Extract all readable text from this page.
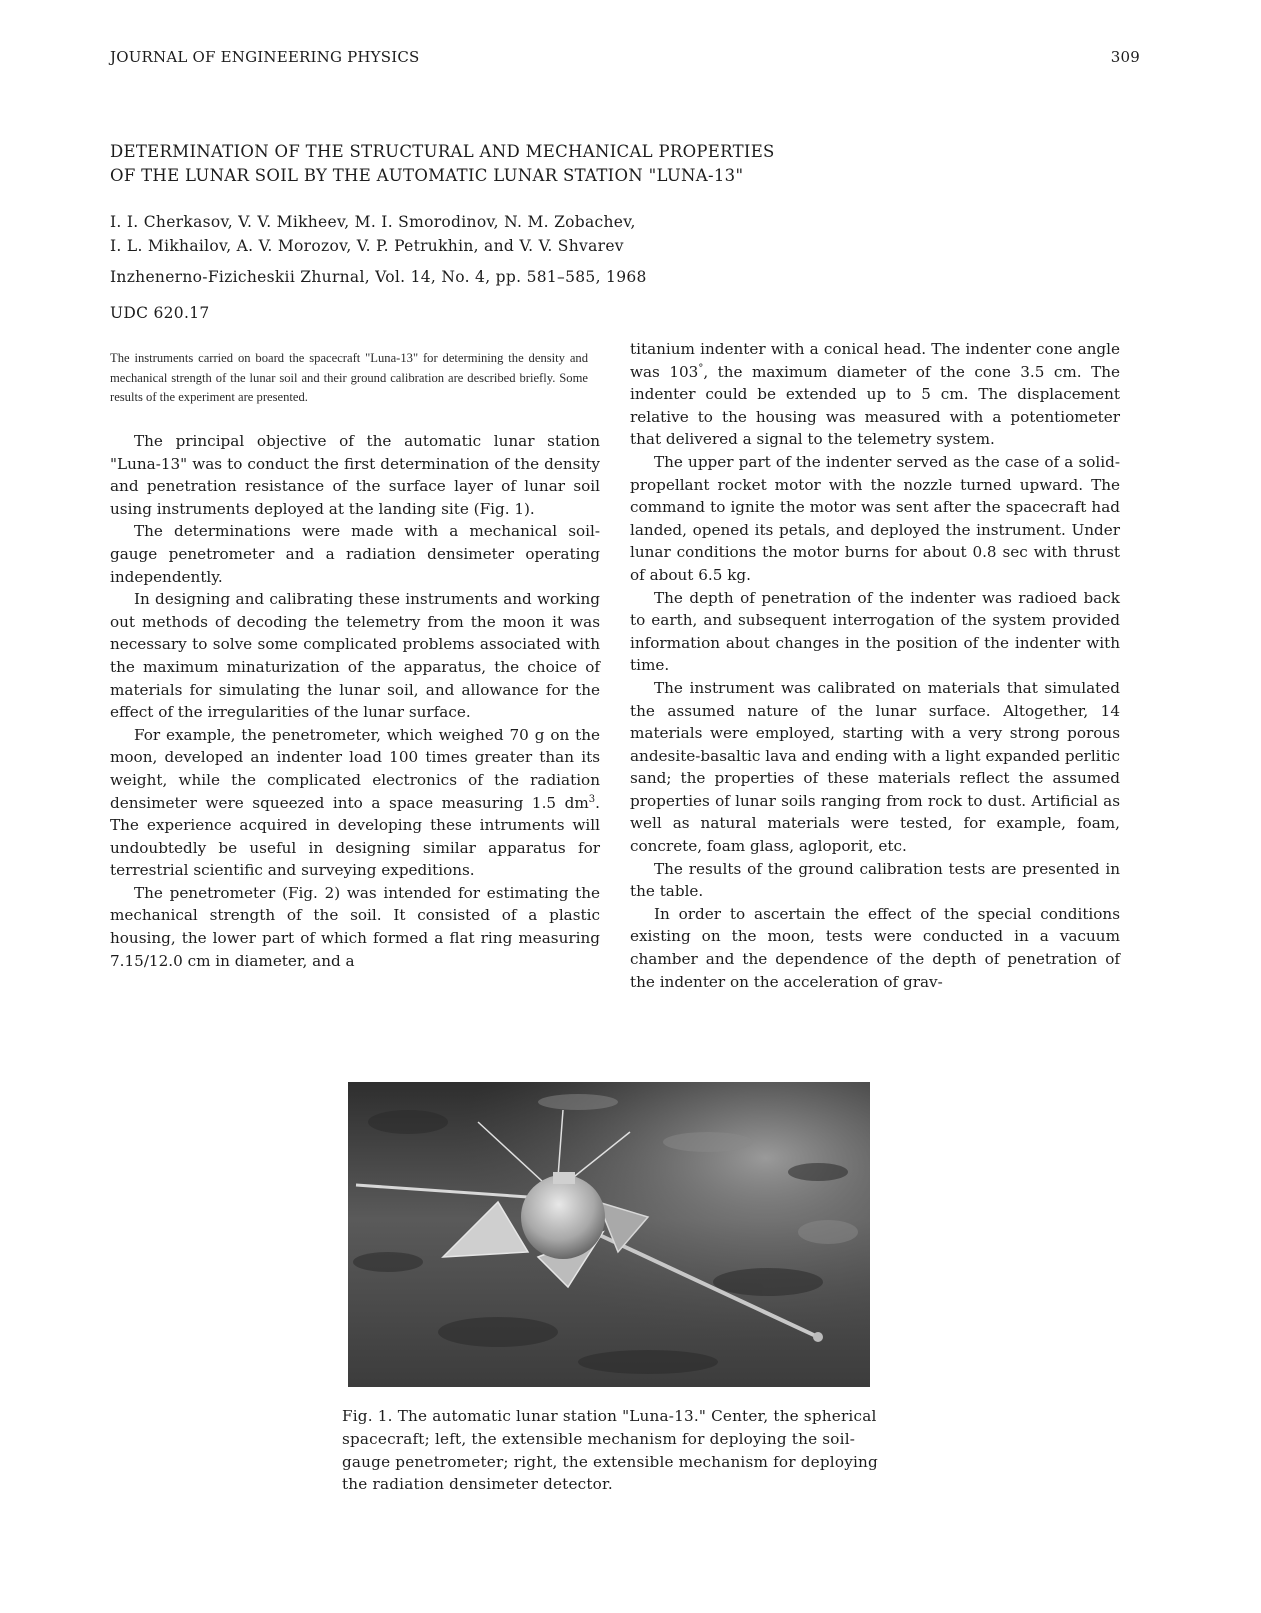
JOURNAL OF ENGINEERING PHYSICS	309
DETERMINATION OF THE STRUCTURAL AND MECHANICAL PROPERTIES
OF THE LUNAR SOIL BY THE AUTOMATIC LUNAR STATION "LUNA-13"
I. I. Cherkasov, V. V. Mikheev, M. I. Smorodinov, N. M. Zobachev,
I. L. Mikhailov, A. V. Morozov, V. P. Petrukhin, and V. V. Shvarev
Inzhenerno-Fizicheskii Zhurnal, Vol. 14, No. 4, pp. 581–585, 1968
UDC 620.17

The instruments carried on board the spacecraft "Luna-13" for determining the density and mechanical strength of the lunar soil and their ground calibration are described briefly. Some results of the experiment are presented.

The principal objective of the automatic lunar station "Luna-13" was to conduct the first determination of the density and penetration resistance of the surface layer of lunar soil using instruments deployed at the landing site (Fig. 1).

The determinations were made with a mechanical soil-gauge penetrometer and a radiation densimeter operating independently.

In designing and calibrating these instruments and working out methods of decoding the telemetry from the moon it was necessary to solve some complicated problems associated with the maximum minaturization of the apparatus, the choice of materials for simulating the lunar soil, and allowance for the effect of the irregularities of the lunar surface.

For example, the penetrometer, which weighed 70 g on the moon, developed an indenter load 100 times greater than its weight, while the complicated electronics of the radiation densimeter were squeezed into a space measuring 1.5 $dm^3$. The experience acquired in developing these intruments will undoubtedly be useful in designing similar apparatus for terrestrial scientific and surveying expeditions.

The penetrometer (Fig. 2) was intended for estimating the mechanical strength of the soil. It consisted of a plastic housing, the lower part of which formed a flat ring measuring 7.15/12.0 cm in diameter, and a

titanium indenter with a conical head. The indenter cone angle was 103°, the maximum diameter of the cone 3.5 cm. The indenter could be extended up to 5 cm. The displacement relative to the housing was measured with a potentiometer that delivered a signal to the telemetry system.

The upper part of the indenter served as the case of a solid-propellant rocket motor with the nozzle turned upward. The command to ignite the motor was sent after the spacecraft had landed, opened its petals, and deployed the instrument. Under lunar conditions the motor burns for about 0.8 sec with thrust of about 6.5 kg.

The depth of penetration of the indenter was radioed back to earth, and subsequent interrogation of the system provided information about changes in the position of the indenter with time.

The instrument was calibrated on materials that simulated the assumed nature of the lunar surface. Altogether, 14 materials were employed, starting with a very strong porous andesite-basaltic lava and ending with a light expanded perlitic sand; the properties of these materials reflect the assumed properties of lunar soils ranging from rock to dust. Artificial as well as natural materials were tested, for example, foam, concrete, foam glass, agloporit, etc.

The results of the ground calibration tests are presented in the table.

In order to ascertain the effect of the special conditions existing on the moon, tests were conducted in a vacuum chamber and the dependence of the depth of penetration of the indenter on the acceleration of grav-

Fig. 1. The automatic lunar station "Luna-13." Center, the spherical spacecraft; left, the extensible mechanism for deploying the soil-gauge penetrometer; right, the extensible mechanism for deploying the radiation densimeter detector.
